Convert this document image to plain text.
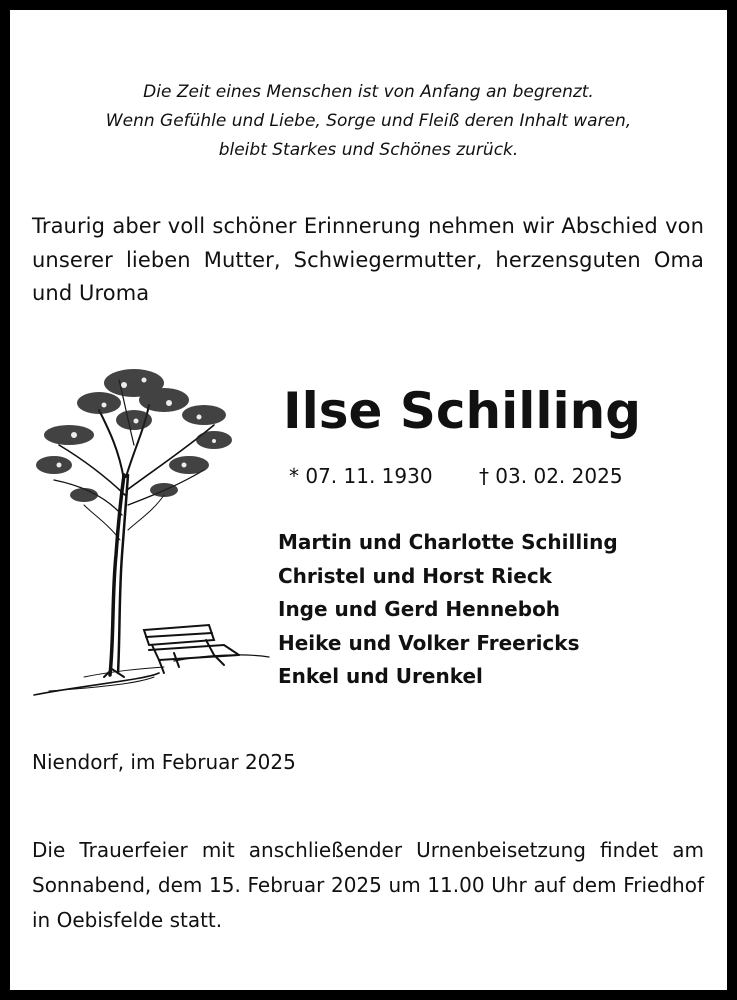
Die Zeit eines Menschen ist von Anfang an begrenzt.
Wenn Gefühle und Liebe, Sorge und Fleiß deren Inhalt waren,
bleibt Starkes und Schönes zurück.
Traurig aber voll schöner Erinnerung nehmen wir Abschied von unserer lieben Mutter, Schwiegermutter, herzensguten Oma und Uroma
Ilse Schilling
* 07. 11. 1930 † 03. 02. 2025
Martin und Charlotte Schilling
Christel und Horst Rieck
Inge und Gerd Henneboh
Heike und Volker Freericks
Enkel und Urenkel
Niendorf, im Februar 2025
Die Trauerfeier mit anschließender Urnenbeisetzung findet am Sonnabend, dem 15. Februar 2025 um 11.00 Uhr auf dem Friedhof in Oebisfelde statt.
